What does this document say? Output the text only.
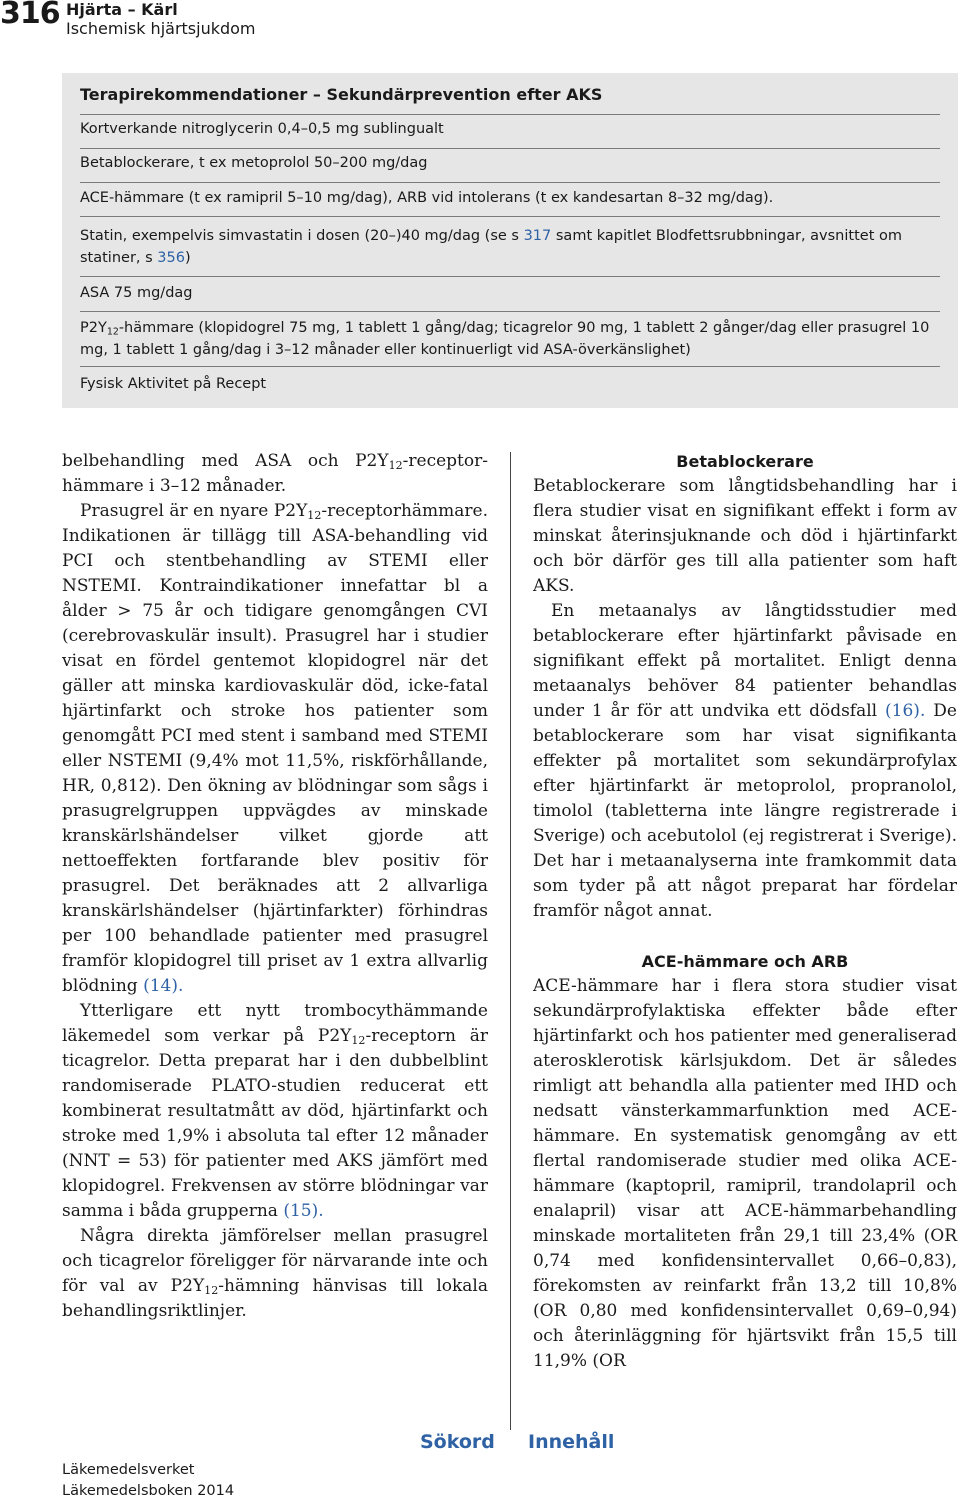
316 Hjärta – Kärl
Ischemisk hjärtsjukdom
Terapirekommendationer – Sekundärprevention efter AKS
Kortverkande nitroglycerin 0,4–0,5 mg sublingualt
Betablockerare, t ex metoprolol 50–200 mg/dag
ACE-hämmare (t ex ramipril 5–10 mg/dag), ARB vid intolerans (t ex kandesartan 8–32 mg/dag).
Statin, exempelvis simvastatin i dosen (20–)40 mg/dag (se s 317 samt kapitlet Blodfettsrubbningar, avsnittet om statiner, s 356)
ASA 75 mg/dag
$P2Y_{12}$-hämmare (klopidogrel 75 mg, 1 tablett 1 gång/dag; ticagrelor 90 mg, 1 tablett 2 gånger/dag eller prasugrel 10 mg, 1 tablett 1 gång/dag i 3–12 månader eller kontinuerligt vid ASA-överkänslighet)
Fysisk Aktivitet på Recept

belbehandling med ASA och $P2Y_{12}$-receptorhämmare i 3–12 månader.

Prasugrel är en nyare $P2Y_{12}$-receptorhämmare. Indikationen är tillägg till ASA-behandling vid PCI och stentbehandling av STEMI eller NSTEMI. Kontraindikationer innefattar bl a ålder > 75 år och tidigare genomgången CVI (cerebrovaskulär insult). Prasugrel har i studier visat en fördel gentemot klopidogrel när det gäller att minska kardiovaskulär död, icke-fatal hjärtinfarkt och stroke hos patienter som genomgått PCI med stent i samband med STEMI eller NSTEMI (9,4% mot 11,5%, riskförhållande, HR, 0,812). Den ökning av blödningar som sågs i prasugrelgruppen uppvägdes av minskade kranskärlshändelser vilket gjorde att nettoeffekten fortfarande blev positiv för prasugrel. Det beräknades att 2 allvarliga kranskärlshändelser (hjärtinfarkter) förhindras per 100 behandlade patienter med prasugrel framför klopidogrel till priset av 1 extra allvarlig blödning (14).

Ytterligare ett nytt trombocythämmande läkemedel som verkar på $P2Y_{12}$-receptorn är ticagrelor. Detta preparat har i den dubbelblint randomiserade PLATO-studien reducerat ett kombinerat resultatmått av död, hjärtinfarkt och stroke med 1,9% i absoluta tal efter 12 månader (NNT = 53) för patienter med AKS jämfört med klopidogrel. Frekvensen av större blödningar var samma i båda grupperna (15).

Några direkta jämförelser mellan prasugrel och ticagrelor föreligger för närvarande inte och för val av $P2Y_{12}$-hämning hänvisas till lokala behandlingsriktlinjer.

Betablockerare

Betablockerare som långtidsbehandling har i flera studier visat en signifikant effekt i form av minskat återinsjuknande och död i hjärtinfarkt och bör därför ges till alla patienter som haft AKS.

En metaanalys av långtidsstudier med betablockerare efter hjärtinfarkt påvisade en signifikant effekt på mortalitet. Enligt denna metaanalys behöver 84 patienter behandlas under 1 år för att undvika ett dödsfall (16). De betablockerare som har visat signifikanta effekter på mortalitet som sekundärprofylax efter hjärtinfarkt är metoprolol, propranolol, timolol (tabletterna inte längre registrerade i Sverige) och acebutolol (ej registrerat i Sverige). Det har i metaanalyserna inte framkommit data som tyder på att något preparat har fördelar framför något annat.

ACE-hämmare och ARB

ACE-hämmare har i flera stora studier visat sekundärprofylaktiska effekter både efter hjärtinfarkt och hos patienter med generaliserad aterosklerotisk kärlsjukdom. Det är således rimligt att behandla alla patienter med IHD och nedsatt vänsterkammarfunktion med ACE-hämmare. En systematisk genomgång av ett flertal randomiserade studier med olika ACE-hämmare (kaptopril, ramipril, trandolapril och enalapril) visar att ACE-hämmarbehandling minskade mortaliteten från 29,1 till 23,4% (OR 0,74 med konfidensintervallet 0,66–0,83), förekomsten av reinfarkt från 13,2 till 10,8% (OR 0,80 med konfidensintervallet 0,69–0,94) och återinläggning för hjärtsvikt från 15,5 till 11,9% (OR

Sökord Innehåll
Läkemedelsverket
Läkemedelsboken 2014
